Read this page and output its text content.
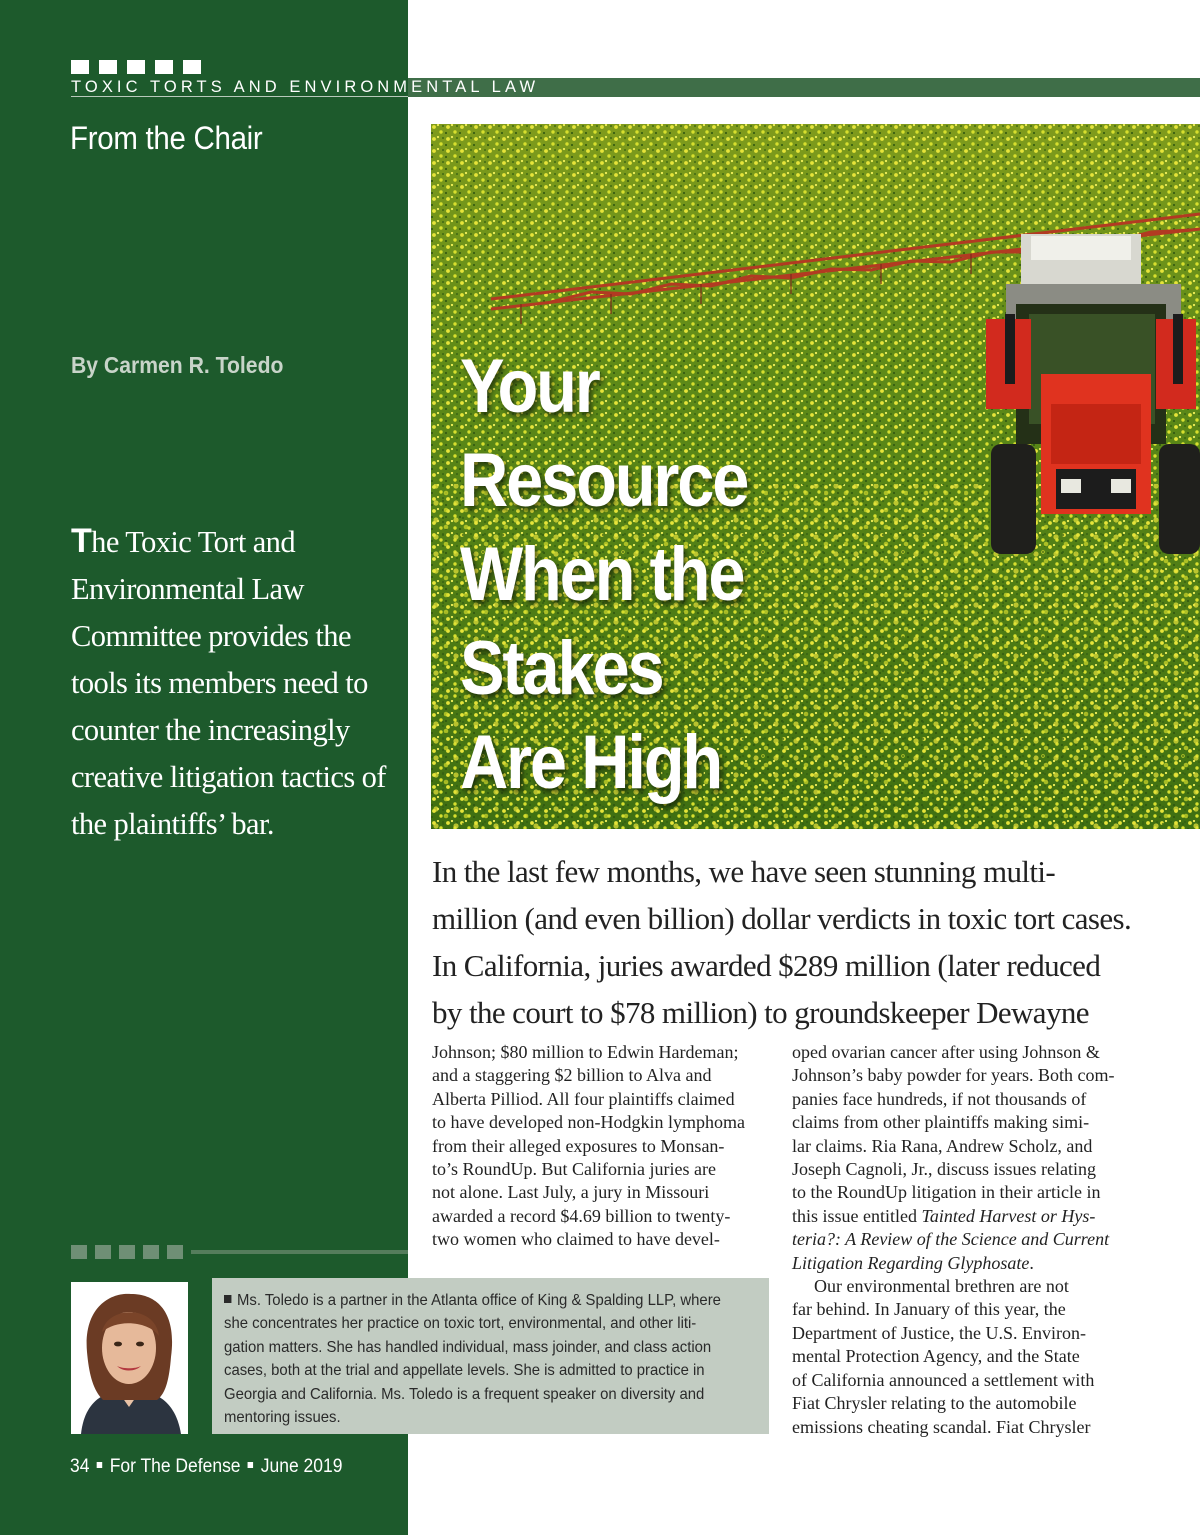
TOXIC TORTS AND ENVIRONMENTAL LAW
From the Chair
By Carmen R. Toledo
The Toxic Tort and Environmental Law Committee provides the tools its members need to counter the increasingly creative litigation tactics of the plaintiffs’ bar.
Your
Resource
When the
Stakes
Are High
In the last few months, we have seen stunning multi-
million (and even billion) dollar verdicts in toxic tort cases.
In California, juries awarded $289 million (later reduced
by the court to $78 million) to groundskeeper Dewayne
Johnson; $80 million to Edwin Hardeman;
and a staggering $2 billion to Alva and
Alberta Pilliod. All four plaintiffs claimed
to have developed non-Hodgkin lymphoma
from their alleged exposures to Monsan-
to’s RoundUp. But California juries are
not alone. Last July, a jury in Missouri
awarded a record $4.69 billion to twenty-
two women who claimed to have devel-
oped ovarian cancer after using Johnson &
Johnson’s baby powder for years. Both com-
panies face hundreds, if not thousands of
claims from other plaintiffs making simi-
lar claims. Ria Rana, Andrew Scholz, and
Joseph Cagnoli, Jr., discuss issues relating
to the RoundUp litigation in their article in
this issue entitled Tainted Harvest or Hys-
teria?: A Review of the Science and Current
Litigation Regarding Glyphosate.
Our environmental brethren are not
far behind. In January of this year, the
Department of Justice, the U.S. Environ-
mental Protection Agency, and the State
of California announced a settlement with
Fiat Chrysler relating to the automobile
emissions cheating scandal. Fiat Chrysler
Ms. Toledo is a partner in the Atlanta office of King & Spalding LLP, where
she concentrates her practice on toxic tort, environmental, and other liti-
gation matters. She has handled individual, mass joinder, and class action
cases, both at the trial and appellate levels. She is admitted to practice in
Georgia and California. Ms. Toledo is a frequent speaker on diversity and
mentoring issues.
34 For The Defense June 2019
